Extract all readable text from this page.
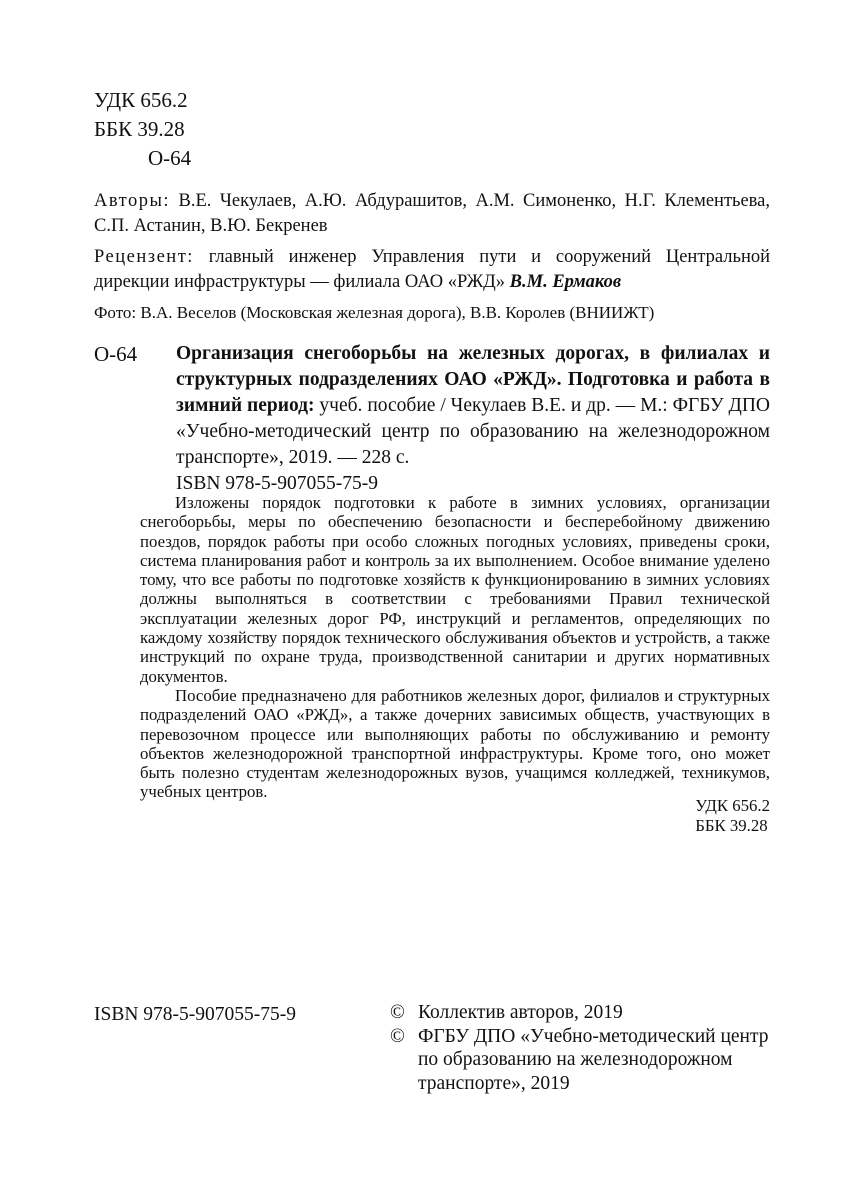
УДК 656.2
ББК 39.28
О-64

Авторы: В.Е. Чекулаев, А.Ю. Абдурашитов, А.М. Симоненко, Н.Г. Клементьева, С.П. Астанин, В.Ю. Бекренев

Рецензент: главный инженер Управления пути и сооружений Центральной дирекции инфраструктуры — филиала ОАО «РЖД» В.М. Ермаков

Фото: В.А. Веселов (Московская железная дорога), В.В. Королев (ВНИИЖТ)

О-64 Организация снегоборьбы на железных дорогах, в филиалах и структурных подразделениях ОАО «РЖД». Подготовка и работа в зимний период: учеб. пособие / Чекулаев В.Е. и др. — М.: ФГБУ ДПО «Учебно-методический центр по образованию на железнодорожном транспорте», 2019. — 228 с.

ISBN 978-5-907055-75-9

Изложены порядок подготовки к работе в зимних условиях, организации снегоборьбы, меры по обеспечению безопасности и бесперебойному движению поездов, порядок работы при особо сложных погодных условиях, приведены сроки, система планирования работ и контроль за их выполнением. Особое внимание уделено тому, что все работы по подготовке хозяйств к функционированию в зимних условиях должны выполняться в соответствии с требованиями Правил технической эксплуатации железных дорог РФ, инструкций и регламентов, определяющих по каждому хозяйству порядок технического обслуживания объектов и устройств, а также инструкций по охране труда, производственной санитарии и других нормативных документов.

Пособие предназначено для работников железных дорог, филиалов и структурных подразделений ОАО «РЖД», а также дочерних зависимых обществ, участвующих в перевозочном процессе или выполняющих работы по обслуживанию и ремонту объектов железнодорожной транспортной инфраструктуры. Кроме того, оно может быть полезно студентам железнодорожных вузов, учащимся колледжей, техникумов, учебных центров.

УДК 656.2
ББК 39.28
ISBN 978-5-907055-75-9	© Коллектив авторов, 2019
© ФГБУ ДПО «Учебно-методический центр по образованию на железнодорожном транспорте», 2019
